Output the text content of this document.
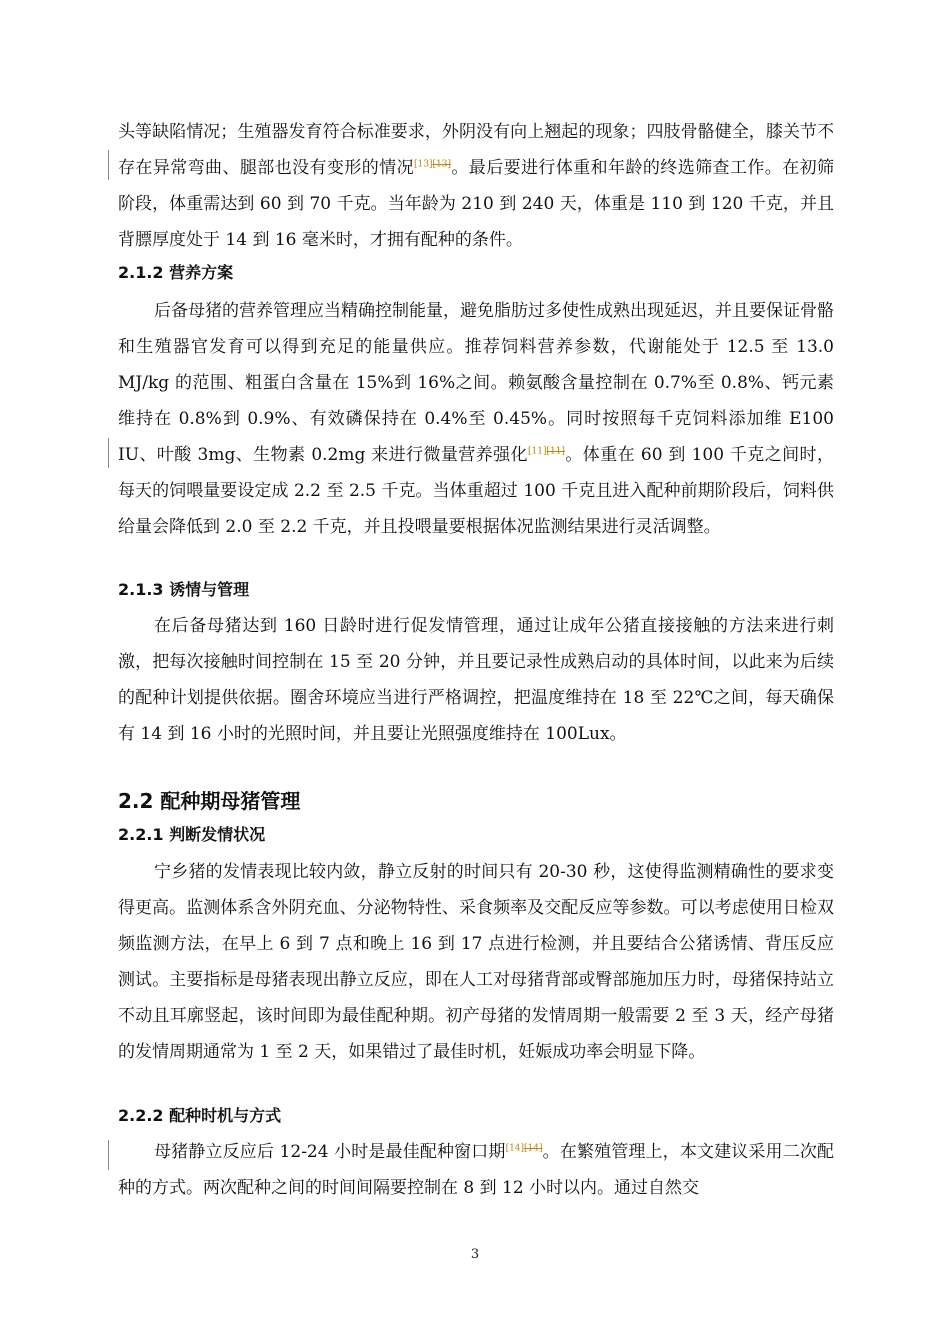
头等缺陷情况；生殖器发育符合标准要求，外阴没有向上翘起的现象；四肢骨骼健全，膝关节不存在异常弯曲、腿部也没有变形的情况[13][13]。最后要进行体重和年龄的终选筛查工作。在初筛阶段，体重需达到 60 到 70 千克。当年龄为 210 到 240 天，体重是 110 到 120 千克，并且背膘厚度处于 14 到 16 毫米时，才拥有配种的条件。

2.1.2 营养方案

后备母猪的营养管理应当精确控制能量，避免脂肪过多使性成熟出现延迟，并且要保证骨骼和生殖器官发育可以得到充足的能量供应。推荐饲料营养参数，代谢能处于 12.5 至 13.0 MJ/kg 的范围、粗蛋白含量在 15%到 16%之间。赖氨酸含量控制在 0.7%至 0.8%、钙元素维持在 0.8%到 0.9%、有效磷保持在 0.4%至 0.45%。同时按照每千克饲料添加维 E100 IU、叶酸 3mg、生物素 0.2mg 来进行微量营养强化[11][11]。体重在 60 到 100 千克之间时，每天的饲喂量要设定成 2.2 至 2.5 千克。当体重超过 100 千克且进入配种前期阶段后，饲料供给量会降低到 2.0 至 2.2 千克，并且投喂量要根据体况监测结果进行灵活调整。

2.1.3 诱情与管理

在后备母猪达到 160 日龄时进行促发情管理，通过让成年公猪直接接触的方法来进行刺激，把每次接触时间控制在 15 至 20 分钟，并且要记录性成熟启动的具体时间，以此来为后续的配种计划提供依据。圈舍环境应当进行严格调控，把温度维持在 18 至 22℃之间，每天确保有 14 到 16 小时的光照时间，并且要让光照强度维持在 100Lux。

2.2 配种期母猪管理
2.2.1 判断发情状况

宁乡猪的发情表现比较内敛，静立反射的时间只有 20-30 秒，这使得监测精确性的要求变得更高。监测体系含外阴充血、分泌物特性、采食频率及交配反应等参数。可以考虑使用日检双频监测方法，在早上 6 到 7 点和晚上 16 到 17 点进行检测，并且要结合公猪诱情、背压反应测试。主要指标是母猪表现出静立反应，即在人工对母猪背部或臀部施加压力时，母猪保持站立不动且耳廓竖起，该时间即为最佳配种期。初产母猪的发情周期一般需要 2 至 3 天，经产母猪的发情周期通常为 1 至 2 天，如果错过了最佳时机，妊娠成功率会明显下降。

2.2.2 配种时机与方式

母猪静立反应后 12-24 小时是最佳配种窗口期[14][14]。在繁殖管理上，本文建议采用二次配种的方式。两次配种之间的时间间隔要控制在 8 到 12 小时以内。通过自然交

3
